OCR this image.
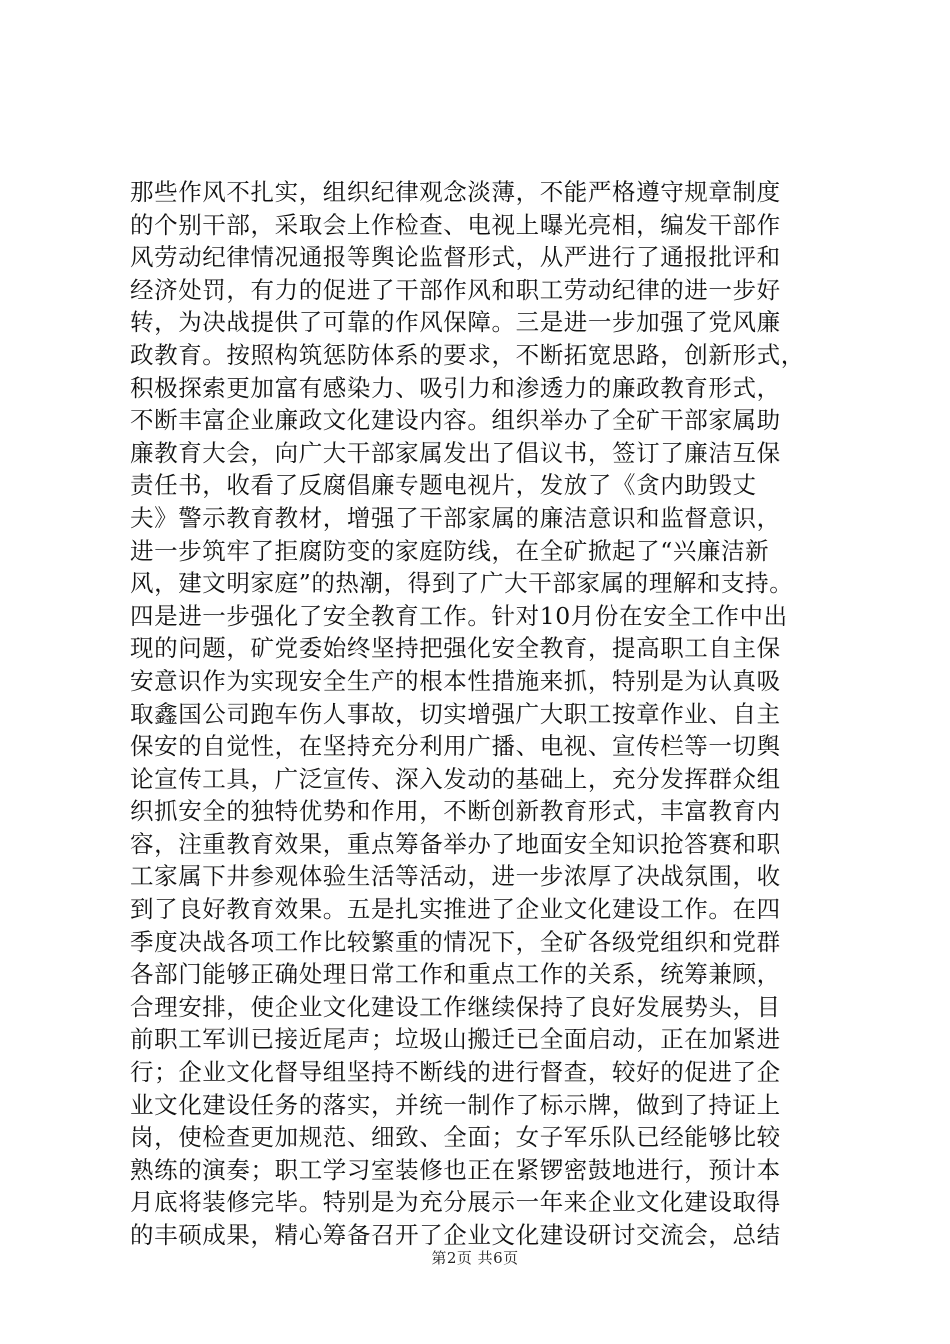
那些作风不扎实，组织纪律观念淡薄，不能严格遵守规章制度
的个别干部，采取会上作检查、电视上曝光亮相，编发干部作
风劳动纪律情况通报等舆论监督形式，从严进行了通报批评和
经济处罚，有力的促进了干部作风和职工劳动纪律的进一步好
转，为决战提供了可靠的作风保障。三是进一步加强了党风廉
政教育。按照构筑惩防体系的要求，不断拓宽思路，创新形式，
积极探索更加富有感染力、吸引力和渗透力的廉政教育形式，
不断丰富企业廉政文化建设内容。组织举办了全矿干部家属助
廉教育大会，向广大干部家属发出了倡议书，签订了廉洁互保
责任书，收看了反腐倡廉专题电视片，发放了《贪内助毁丈
夫》警示教育教材，增强了干部家属的廉洁意识和监督意识，
进一步筑牢了拒腐防变的家庭防线，在全矿掀起了“兴廉洁新
风，建文明家庭”的热潮，得到了广大干部家属的理解和支持。
四是进一步强化了安全教育工作。针对10月份在安全工作中出
现的问题，矿党委始终坚持把强化安全教育，提高职工自主保
安意识作为实现安全生产的根本性措施来抓，特别是为认真吸
取鑫国公司跑车伤人事故，切实增强广大职工按章作业、自主
保安的自觉性，在坚持充分利用广播、电视、宣传栏等一切舆
论宣传工具，广泛宣传、深入发动的基础上，充分发挥群众组
织抓安全的独特优势和作用，不断创新教育形式，丰富教育内
容，注重教育效果，重点筹备举办了地面安全知识抢答赛和职
工家属下井参观体验生活等活动，进一步浓厚了决战氛围，收
到了良好教育效果。五是扎实推进了企业文化建设工作。在四
季度决战各项工作比较繁重的情况下，全矿各级党组织和党群
各部门能够正确处理日常工作和重点工作的关系，统筹兼顾，
合理安排，使企业文化建设工作继续保持了良好发展势头，目
前职工军训已接近尾声；垃圾山搬迁已全面启动，正在加紧进
行；企业文化督导组坚持不断线的进行督查，较好的促进了企
业文化建设任务的落实，并统一制作了标示牌，做到了持证上
岗，使检查更加规范、细致、全面；女子军乐队已经能够比较
熟练的演奏；职工学习室装修也正在紧锣密鼓地进行，预计本
月底将装修完毕。特别是为充分展示一年来企业文化建设取得
的丰硕成果，精心筹备召开了企业文化建设研讨交流会，总结
第2页 共6页
